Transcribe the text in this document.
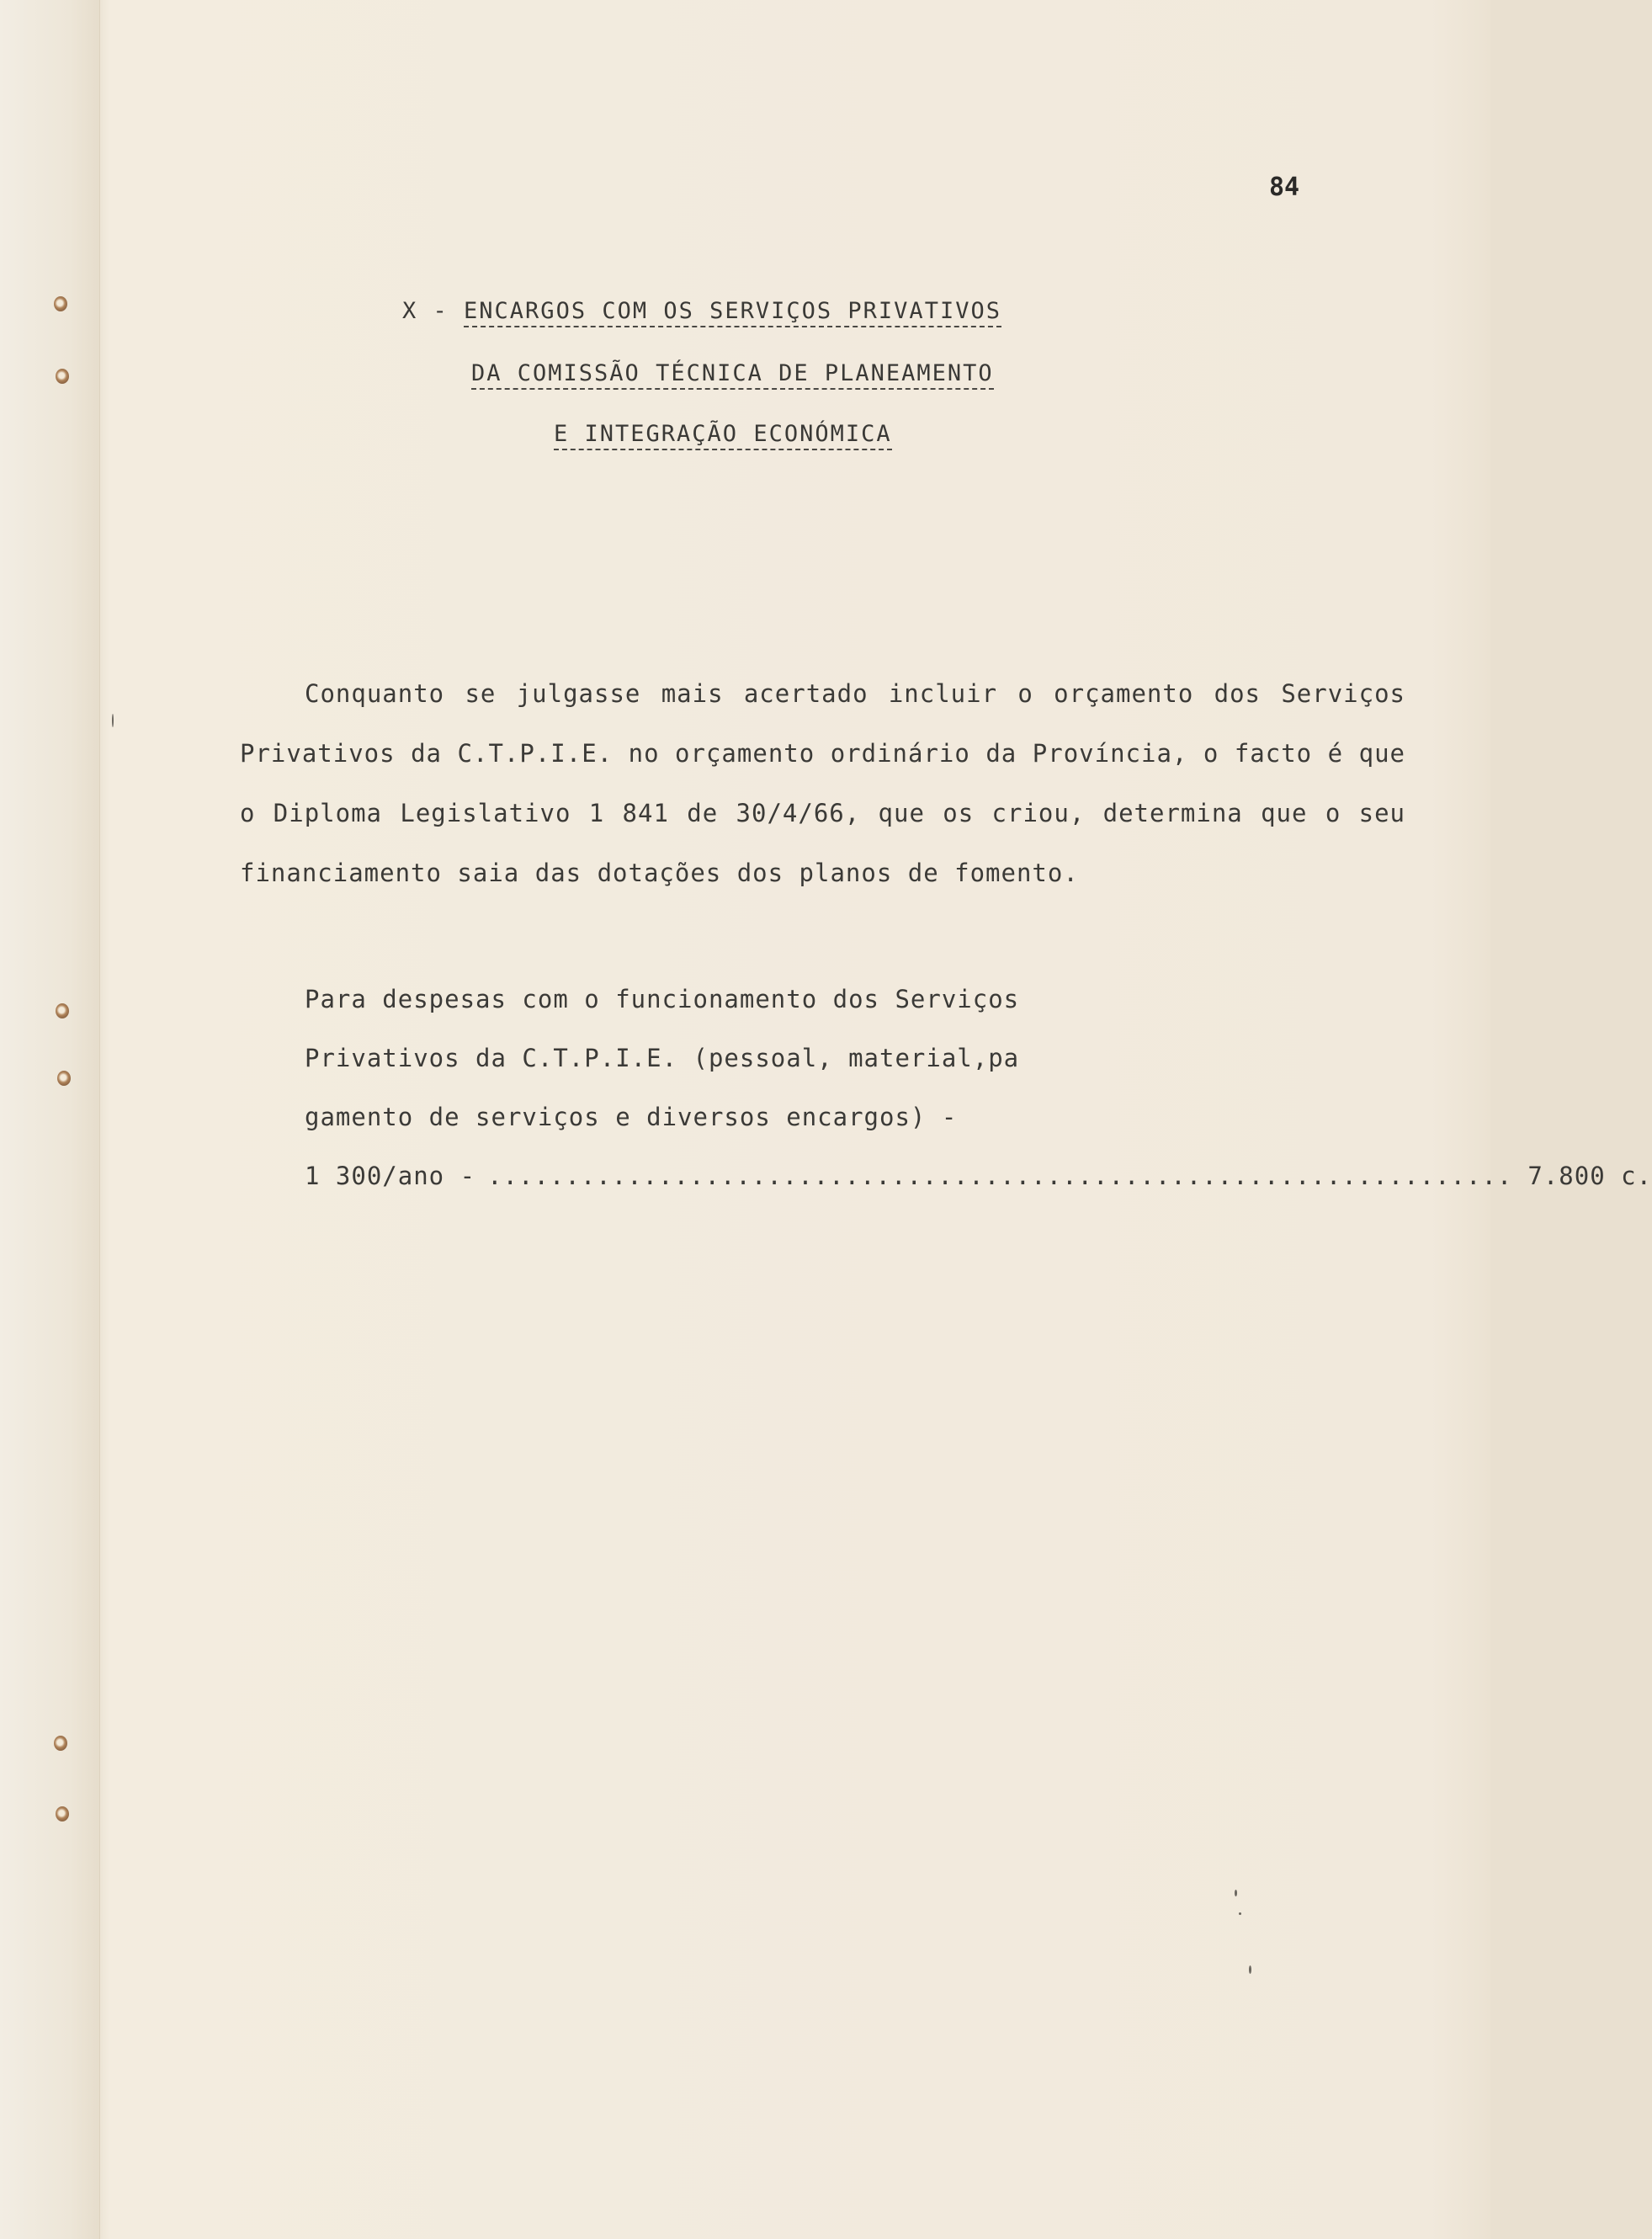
84
X - ENCARGOS COM OS SERVIÇOS PRIVATIVOS
DA COMISSÃO TÉCNICA DE PLANEAMENTO
E INTEGRAÇÃO ECONÓMICA

Conquanto se julgasse mais acertado incluir o orçamento dos Serviços Privativos da C.T.P.I.E. no orçamento ordinário da Província, o facto é que o Diploma Legislativo 1 841 de 30/4/66, que os criou, determina que o seu financiamento saia das dotações dos planos de fomento.

Para despesas com o funcionamento dos Serviços
Privativos da C.T.P.I.E. (pessoal, material,pa
gamento de serviços e diversos encargos) -
1 300/ano - .................................................................. 7.800 c.
